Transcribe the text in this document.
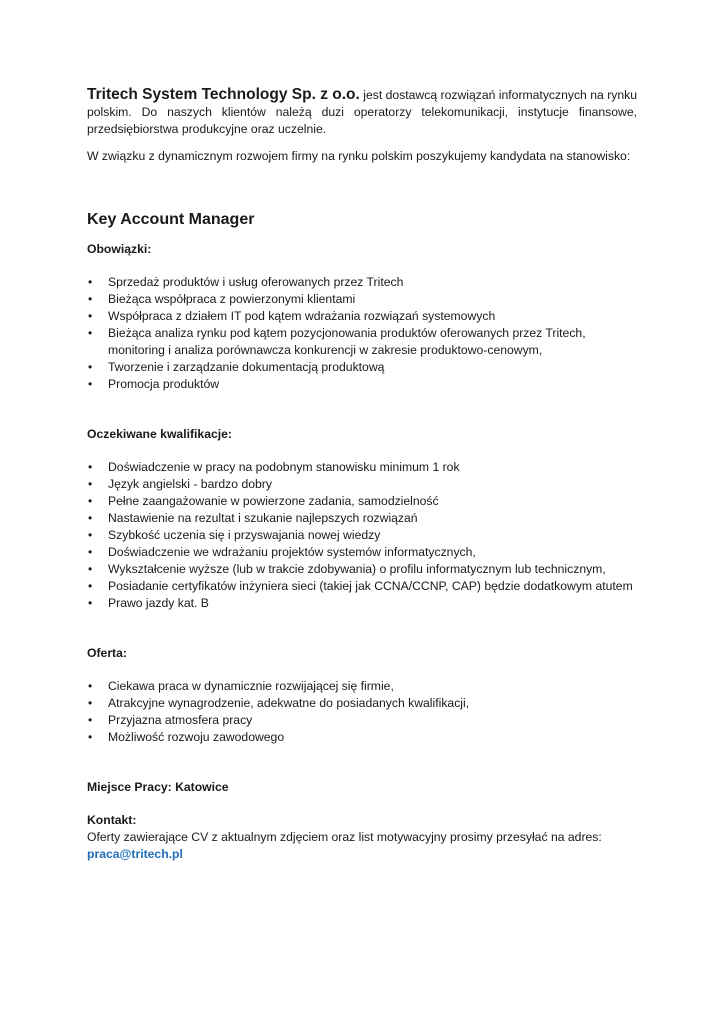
Tritech System Technology Sp. z o.o. jest dostawcą rozwiązań informatycznych na rynku polskim. Do naszych klientów należą duzi operatorzy telekomunikacji, instytucje finansowe, przedsiębiorstwa produkcyjne oraz uczelnie.

W związku z dynamicznym rozwojem firmy na rynku polskim poszykujemy kandydata na stanowisko:

Key Account Manager

Obowiązki:

• Sprzedaż produktów i usług oferowanych przez Tritech
• Bieżąca współpraca z powierzonymi klientami
• Współpraca z działem IT pod kątem wdrażania rozwiązań systemowych
• Bieżąca analiza rynku pod kątem pozycjonowania produktów oferowanych przez Tritech, monitoring i analiza porównawcza konkurencji w zakresie produktowo-cenowym,
• Tworzenie i zarządzanie dokumentacją produktową
• Promocja produktów

Oczekiwane kwalifikacje:

• Doświadczenie w pracy na podobnym stanowisku minimum 1 rok
• Język angielski - bardzo dobry
• Pełne zaangażowanie w powierzone zadania, samodzielność
• Nastawienie na rezultat i szukanie najlepszych rozwiązań
• Szybkość uczenia się i przyswajania nowej wiedzy
• Doświadczenie we wdrażaniu projektów systemów informatycznych,
• Wykształcenie wyższe (lub w trakcie zdobywania) o profilu informatycznym lub technicznym,
• Posiadanie certyfikatów inżyniera sieci (takiej jak CCNA/CCNP, CAP) będzie dodatkowym atutem
• Prawo jazdy kat. B

Oferta:

• Ciekawa praca w dynamicznie rozwijającej się firmie,
• Atrakcyjne wynagrodzenie, adekwatne do posiadanych kwalifikacji,
• Przyjazna atmosfera pracy
• Możliwość rozwoju zawodowego

Miejsce Pracy: Katowice

Kontakt:

Oferty zawierające CV z aktualnym zdjęciem oraz list motywacyjny prosimy przesyłać na adres:

praca@tritech.pl
